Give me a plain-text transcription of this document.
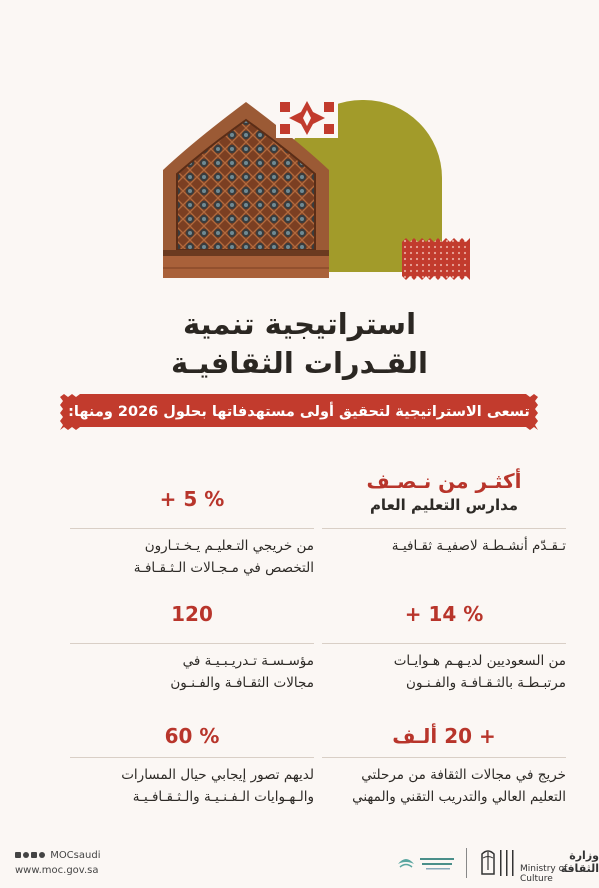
استراتيجية تنمية
القـدرات الثقافيـة
تسعى الاستراتيجية لتحقيق أولى مستهدفاتها بحلول 2026 ومنها:
أكثـر من نـصـف
مدارس التعليم العام
تـقـدّم أنشـطـة لاصفيـة ثقـافيـة
+ 5 %
من خريجي التـعليـم يـخـتـارون
التخصص في مـجـالات الـثـقـافـة
+ 14 %
من السعوديين لديـهـم هـوايـات
مرتبـطـة بالثـقـافـة والفـنـون
120
مؤسـسـة تـدريـبـيـة في
مجالات الثقـافـة والفـنـون
+ 20 ألـف
خريج في مجالات الثقافة من مرحلتي
التعليم العالي والتدريب التقني والمهني
60 %
لديهم تصور إيجابي حيال المسارات
والـهـوايات الـفـنـيـة والـثـقـافـيـة
MOCsaudi
www.moc.gov.sa
وزارة الثقافة
Ministry of Culture
